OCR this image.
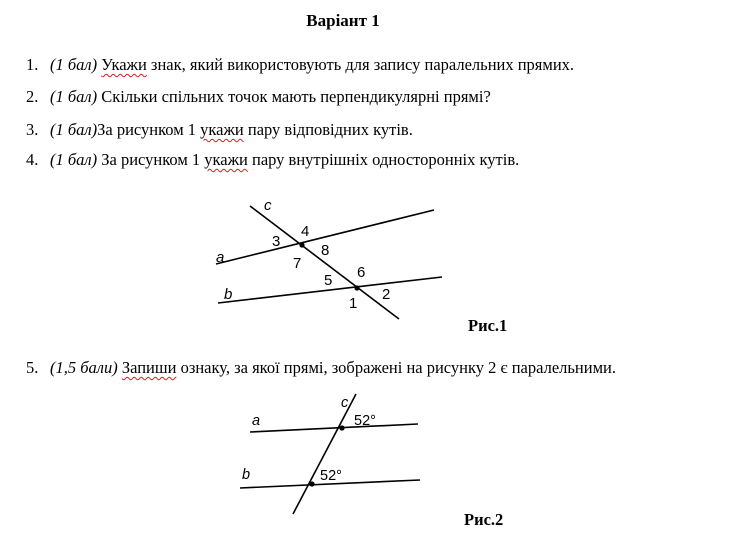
Варіант 1
1. (1 бал) Укажи знак, який використовують для запису паралельних прямих.
2. (1 бал) Скільки спільних точок мають перпендикулярні прямі?
3. (1 бал)За рисунком 1 укажи пару відповідних кутів.
4. (1 бал) За рисунком 1 укажи пару внутрішніх односторонніх кутів.
c
a
b
1
2
3
4
5 6
7
8
Рис.1
5. (1,5 бали) Запиши ознаку, за якої прямі, зображені на рисунку 2 є паралельними.
c
a
b
52°
52°
Рис.2
